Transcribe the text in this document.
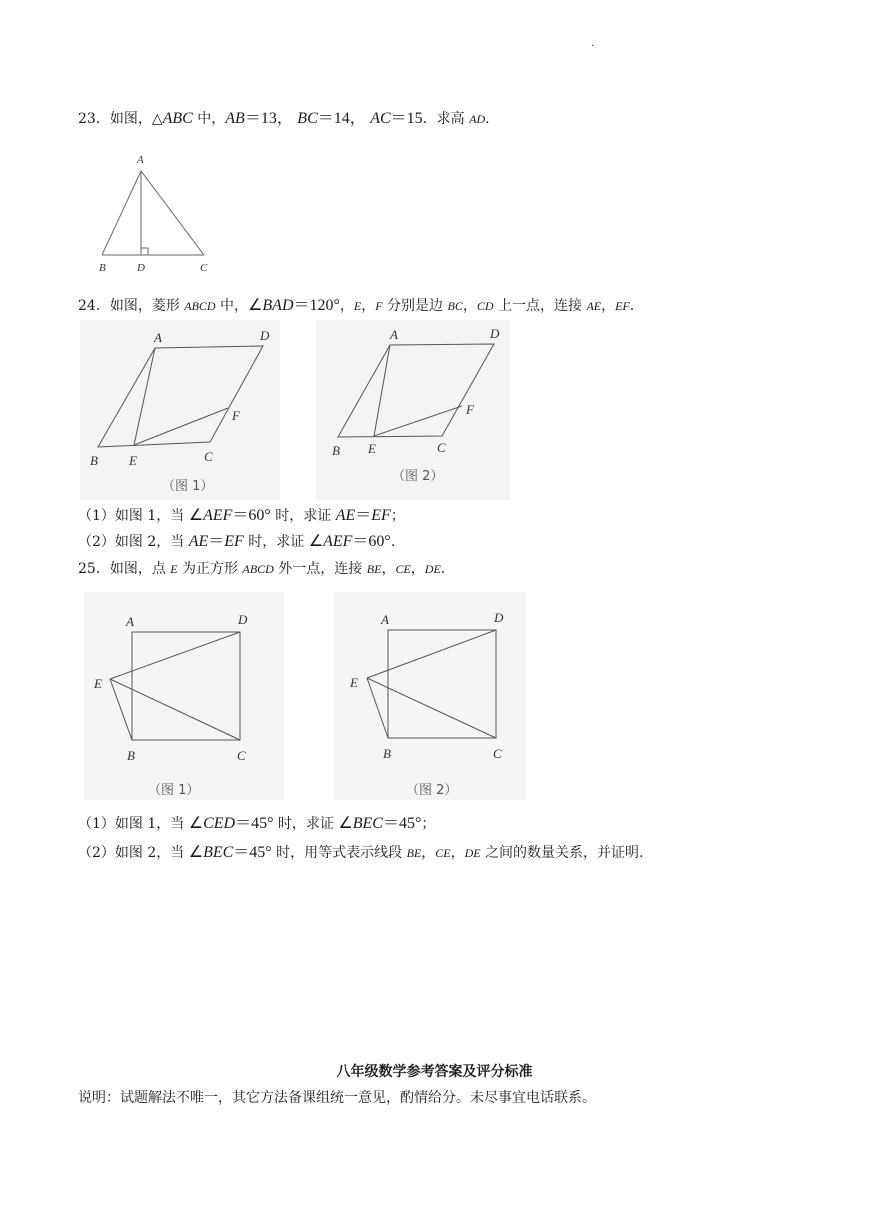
.
23．如图，△ABC 中，AB＝13， BC＝14， AC＝15．求高 AD.
A
B	D	C
24．如图，菱形 ABCD 中，∠BAD＝120°，E，F 分别是边 BC，CD 上一点，连接 AE，EF.
A	D
B E	C
F
（图 1）
A	D
B E	C
F
（图 2）
（1）如图 1，当 ∠AEF＝60° 时，求证 AE＝EF；
（2）如图 2，当 AE＝EF 时，求证 ∠AEF＝60°.
25．如图，点 E 为正方形 ABCD 外一点，连接 BE，CE，DE.
A	D
E
B	C
（图 1）
A	D
E
B	C
（图 2）
（1）如图 1，当 ∠CED＝45° 时，求证 ∠BEC＝45°；
（2）如图 2，当 ∠BEC＝45° 时，用等式表示线段 BE，CE，DE 之间的数量关系，并证明.
八年级数学参考答案及评分标准
说明：试题解法不唯一，其它方法备课组统一意见，酌情给分。未尽事宜电话联系。
